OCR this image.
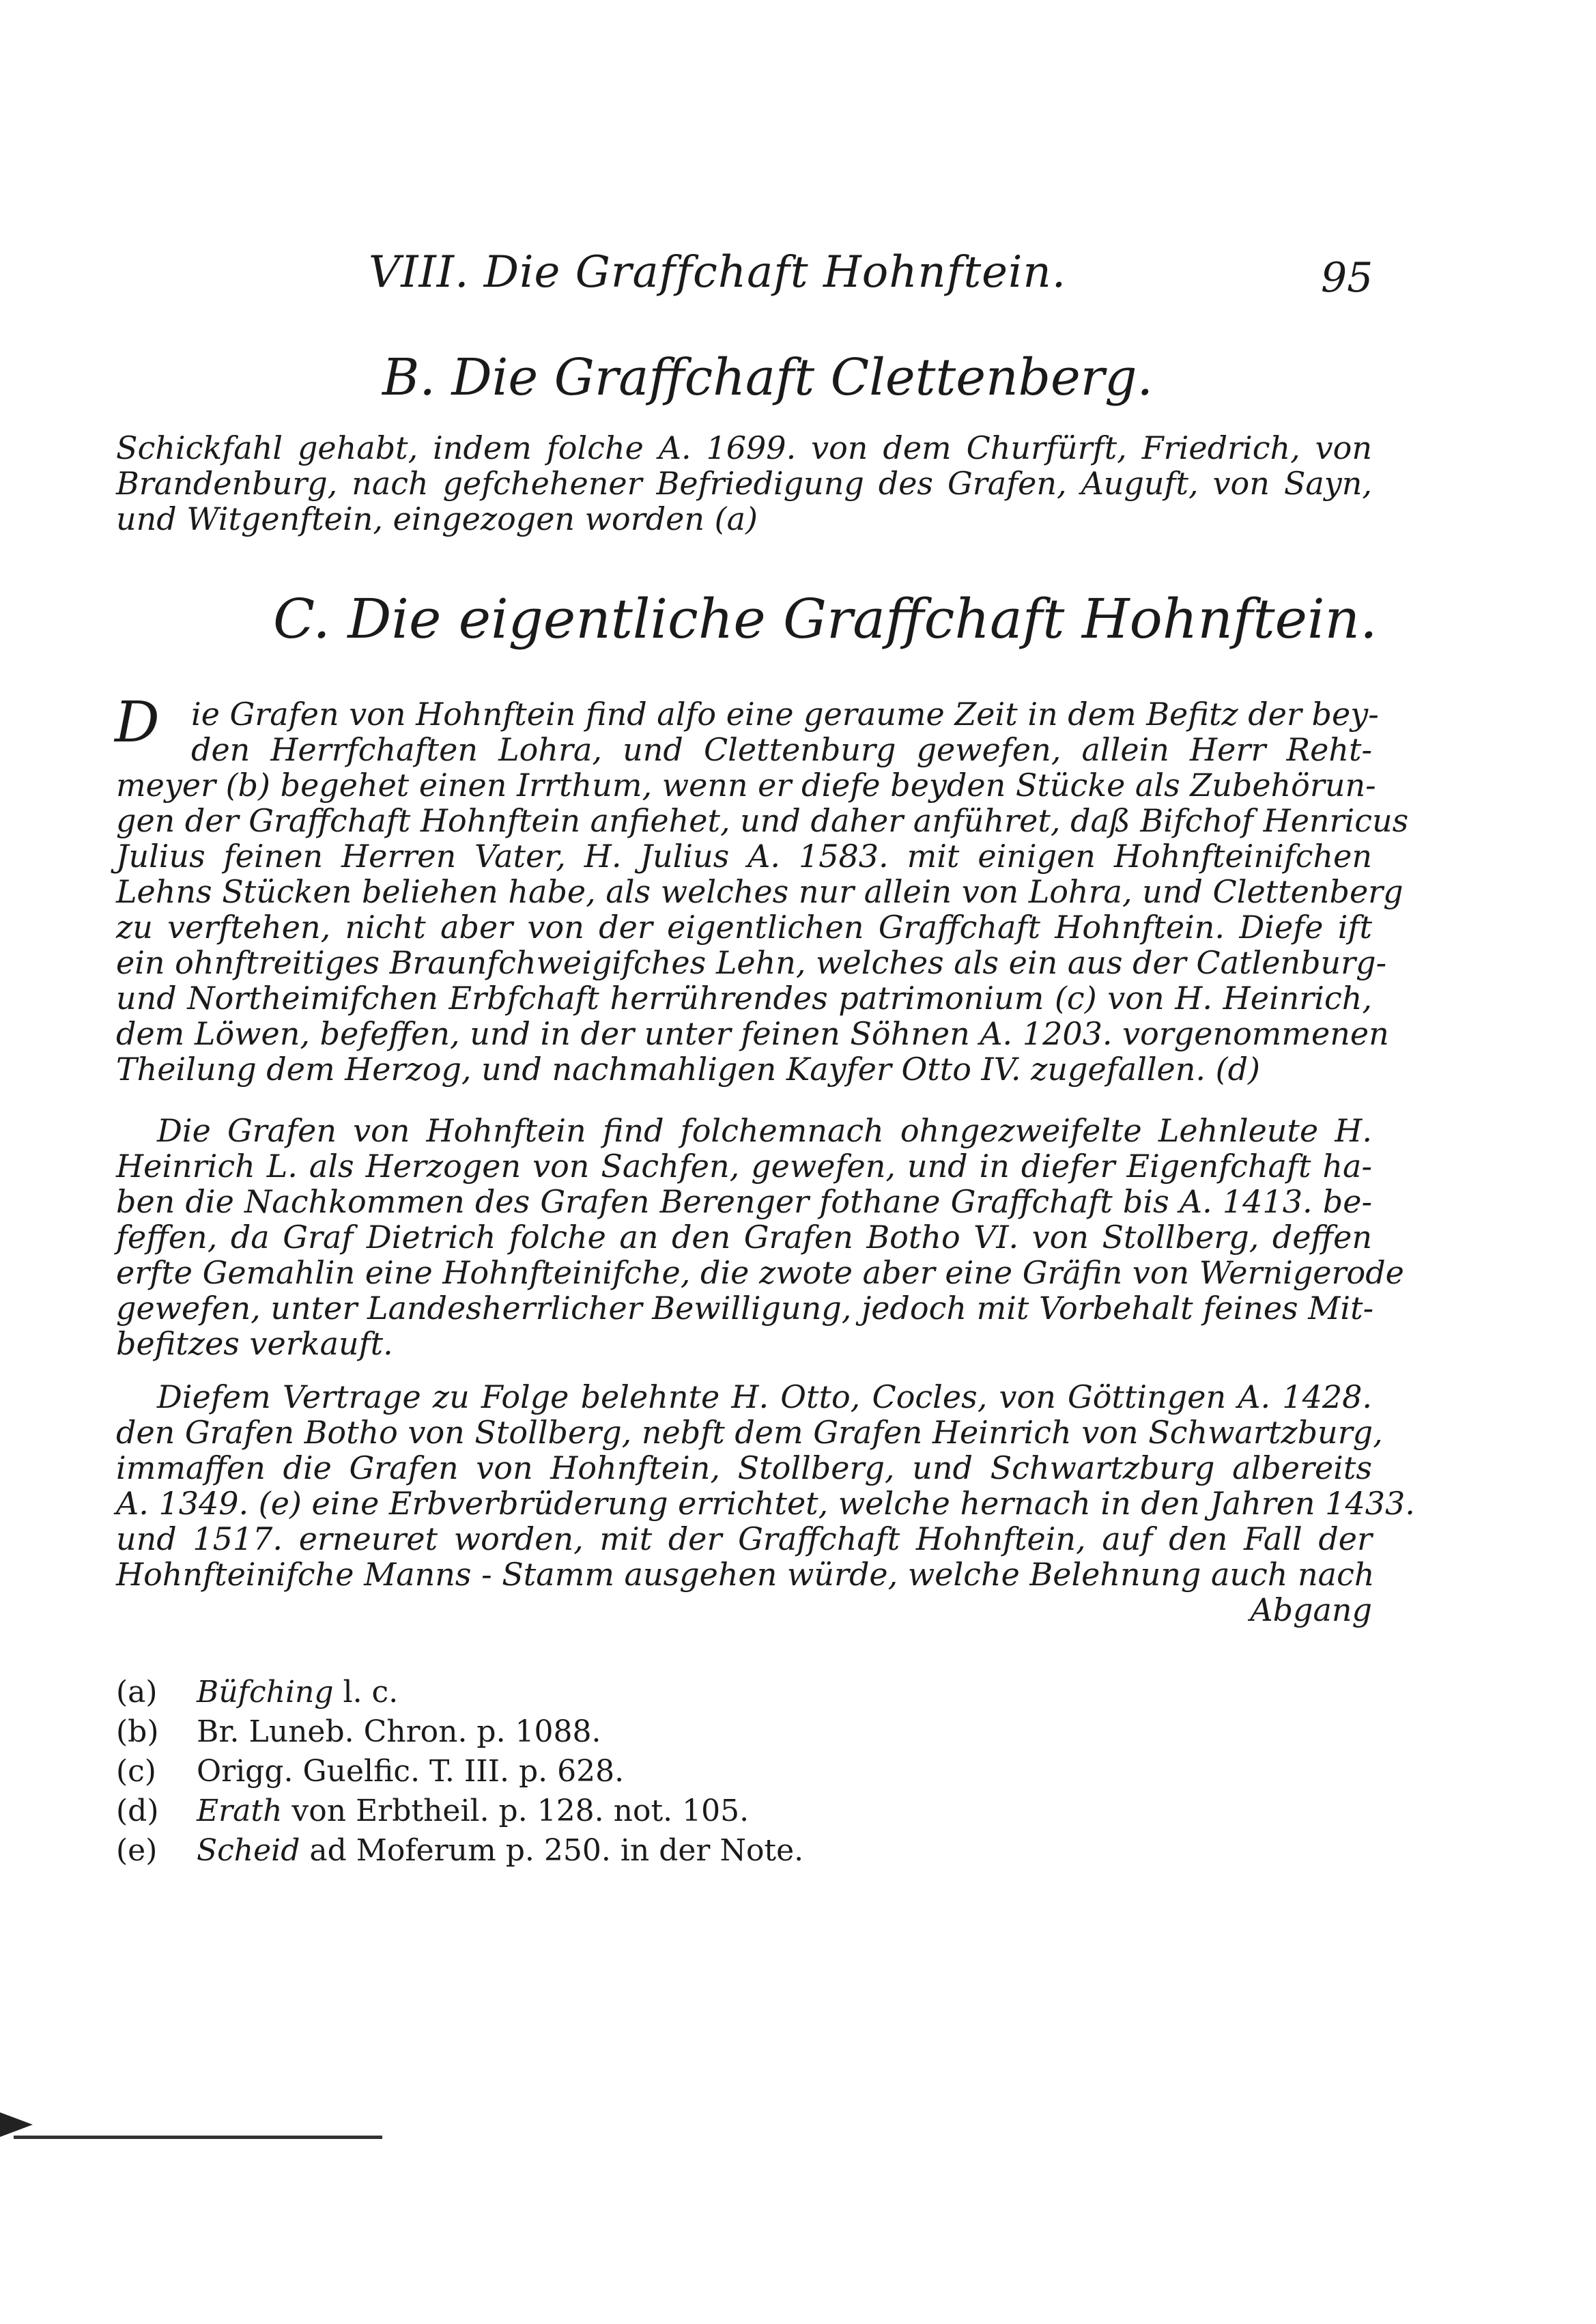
VIII. Die Graffchaft Hohnftein.	95
B. Die Graffchaft Clettenberg.
Schickfahl gehabt, indem folche A. 1699. von dem Churfürft, Friedrich, von
Brandenburg, nach gefchehener Befriedigung des Grafen, Auguft, von Sayn,
und Witgenftein, eingezogen worden (a)
C. Die eigentliche Graffchaft Hohnftein.
D	ie Grafen von Hohnftein find alfo eine geraume Zeit in dem Befitz der bey-
den Herrfchaften Lohra, und Clettenburg gewefen, allein Herr Reht-
meyer (b) begehet einen Irrthum, wenn er diefe beyden Stücke als Zubehörun-
gen der Graffchaft Hohnftein anfiehet, und daher anführet, daß Bifchof Henricus
Julius feinen Herren Vater, H. Julius A. 1583. mit einigen Hohnfteinifchen
Lehns Stücken beliehen habe, als welches nur allein von Lohra, und Clettenberg
zu verftehen, nicht aber von der eigentlichen Graffchaft Hohnftein. Diefe ift
ein ohnftreitiges Braunfchweigifches Lehn, welches als ein aus der Catlenburg-
und Northeimifchen Erbfchaft herrührendes patrimonium (c) von H. Heinrich,
dem Löwen, befeffen, und in der unter feinen Söhnen A. 1203. vorgenommenen
Theilung dem Herzog, und nachmahligen Kayfer Otto IV. zugefallen. (d)
Die Grafen von Hohnftein find folchemnach ohngezweifelte Lehnleute H.
Heinrich L. als Herzogen von Sachfen, gewefen, und in diefer Eigenfchaft ha-
ben die Nachkommen des Grafen Berenger fothane Graffchaft bis A. 1413. be-
feffen, da Graf Dietrich folche an den Grafen Botho VI. von Stollberg, deffen
erfte Gemahlin eine Hohnfteinifche, die zwote aber eine Gräfin von Wernigerode
gewefen, unter Landesherrlicher Bewilligung, jedoch mit Vorbehalt feines Mit-
befitzes verkauft.
Diefem Vertrage zu Folge belehnte H. Otto, Cocles, von Göttingen A. 1428.
den Grafen Botho von Stollberg, nebft dem Grafen Heinrich von Schwartzburg,
immaffen die Grafen von Hohnftein, Stollberg, und Schwartzburg albereits
A. 1349. (e) eine Erbverbrüderung errichtet, welche hernach in den Jahren 1433.
und 1517. erneuret worden, mit der Graffchaft Hohnftein, auf den Fall der
Hohnfteinifche Manns - Stamm ausgehen würde, welche Belehnung auch nach
Abgang
(a) Büfching l. c.
(b) Br. Luneb. Chron. p. 1088.
(c) Origg. Guelfic. T. III. p. 628.
(d) Erath von Erbtheil. p. 128. not. 105.
(e) Scheid ad Moferum p. 250. in der Note.
